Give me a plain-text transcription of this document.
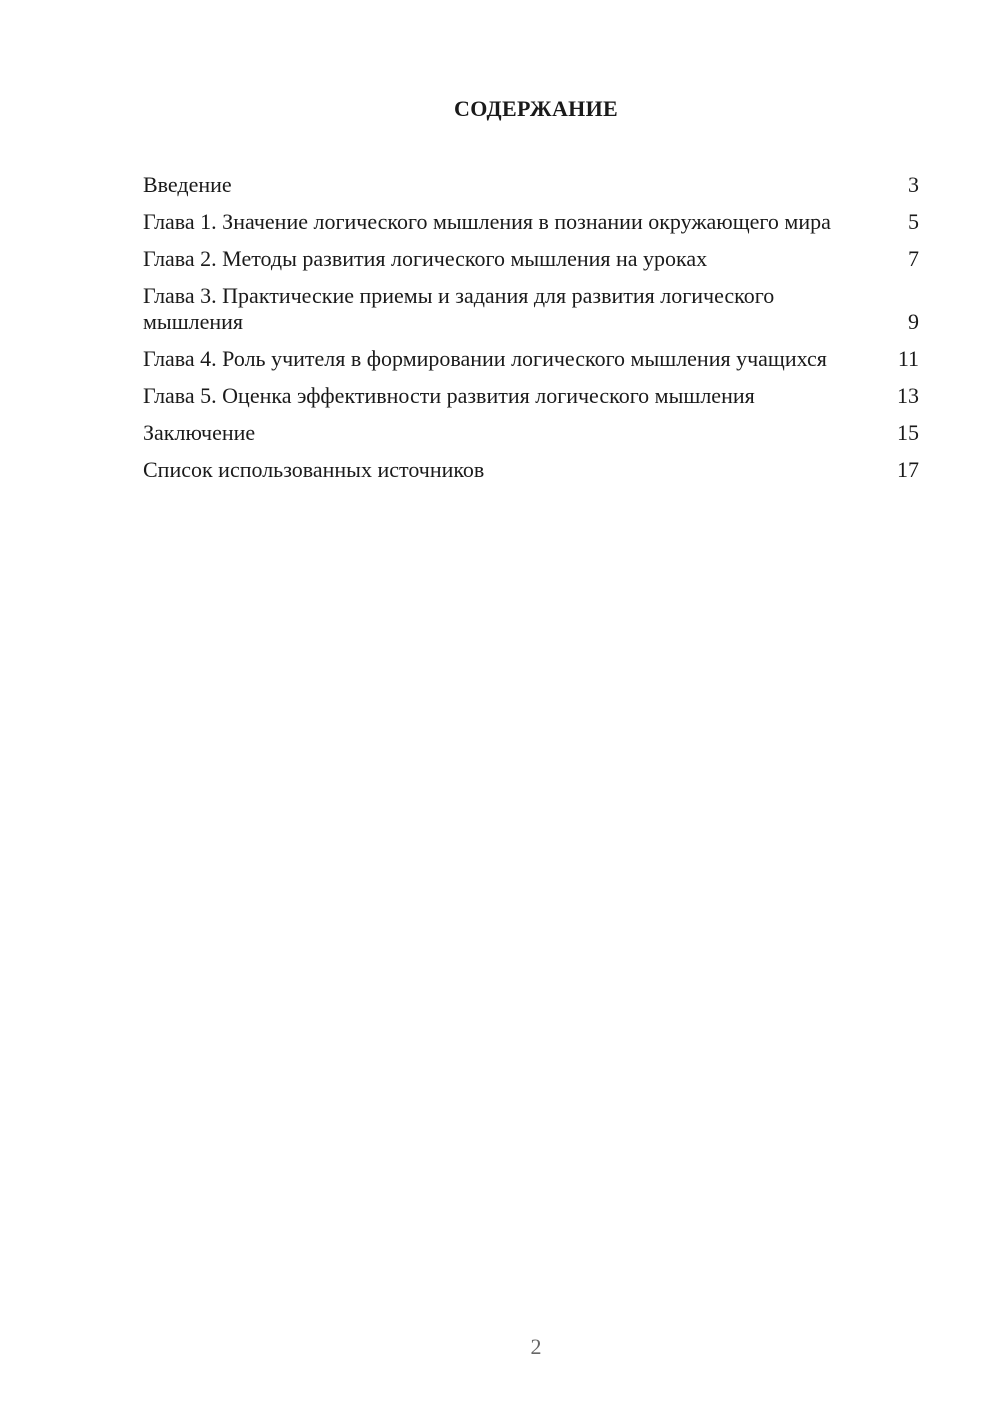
СОДЕРЖАНИЕ
Введение	3
Глава 1. Значение логического мышления в познании окружающего мира	5
Глава 2. Методы развития логического мышления на уроках	7
Глава 3. Практические приемы и задания для развития логического мышления	9
Глава 4. Роль учителя в формировании логического мышления учащихся	11
Глава 5. Оценка эффективности развития логического мышления	13
Заключение	15
Список использованных источников	17
2
